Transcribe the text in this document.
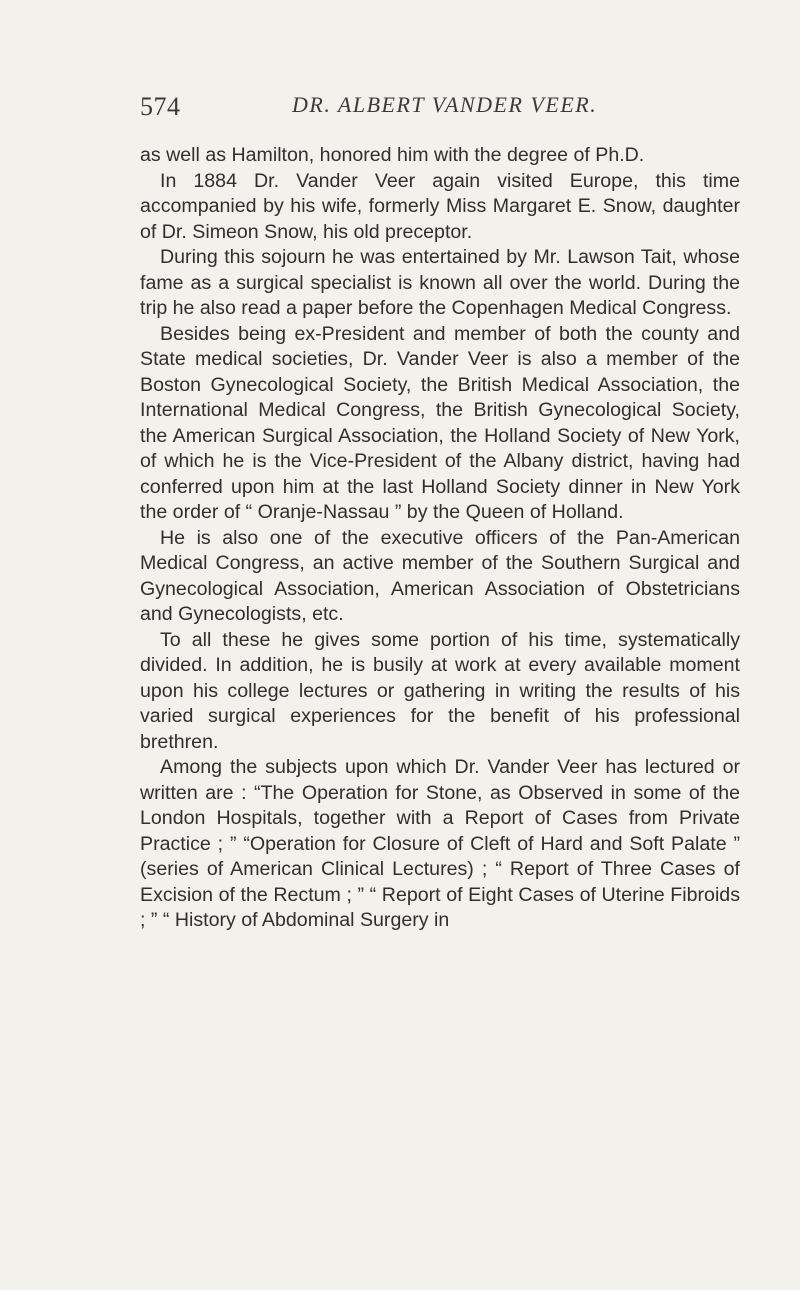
574	DR. ALBERT VANDER VEER.

as well as Hamilton, honored him with the degree of Ph.D.

In 1884 Dr. Vander Veer again visited Europe, this time accompanied by his wife, formerly Miss Margaret E. Snow, daughter of Dr. Simeon Snow, his old preceptor.

During this sojourn he was entertained by Mr. Lawson Tait, whose fame as a surgical specialist is known all over the world. During the trip he also read a paper before the Copenhagen Medical Congress.

Besides being ex-President and member of both the county and State medical societies, Dr. Vander Veer is also a member of the Boston Gynecological Society, the British Medical Association, the International Medical Congress, the British Gynecological Society, the American Surgical Association, the Holland Society of New York, of which he is the Vice-President of the Albany district, having had conferred upon him at the last Holland Society dinner in New York the order of “ Oranje-Nassau ” by the Queen of Holland.

He is also one of the executive officers of the Pan-American Medical Congress, an active member of the Southern Surgical and Gynecological Association, American Association of Obstetricians and Gynecologists, etc.

To all these he gives some portion of his time, systematically divided. In addition, he is busily at work at every available moment upon his college lectures or gathering in writing the results of his varied surgical experiences for the benefit of his professional brethren.

Among the subjects upon which Dr. Vander Veer has lectured or written are : “The Operation for Stone, as Observed in some of the London Hospitals, together with a Report of Cases from Private Practice ; ” “Operation for Closure of Cleft of Hard and Soft Palate ” (series of American Clinical Lectures) ; “ Report of Three Cases of Excision of the Rectum ; ” “ Report of Eight Cases of Uterine Fibroids ; ” “ History of Abdominal Surgery in
